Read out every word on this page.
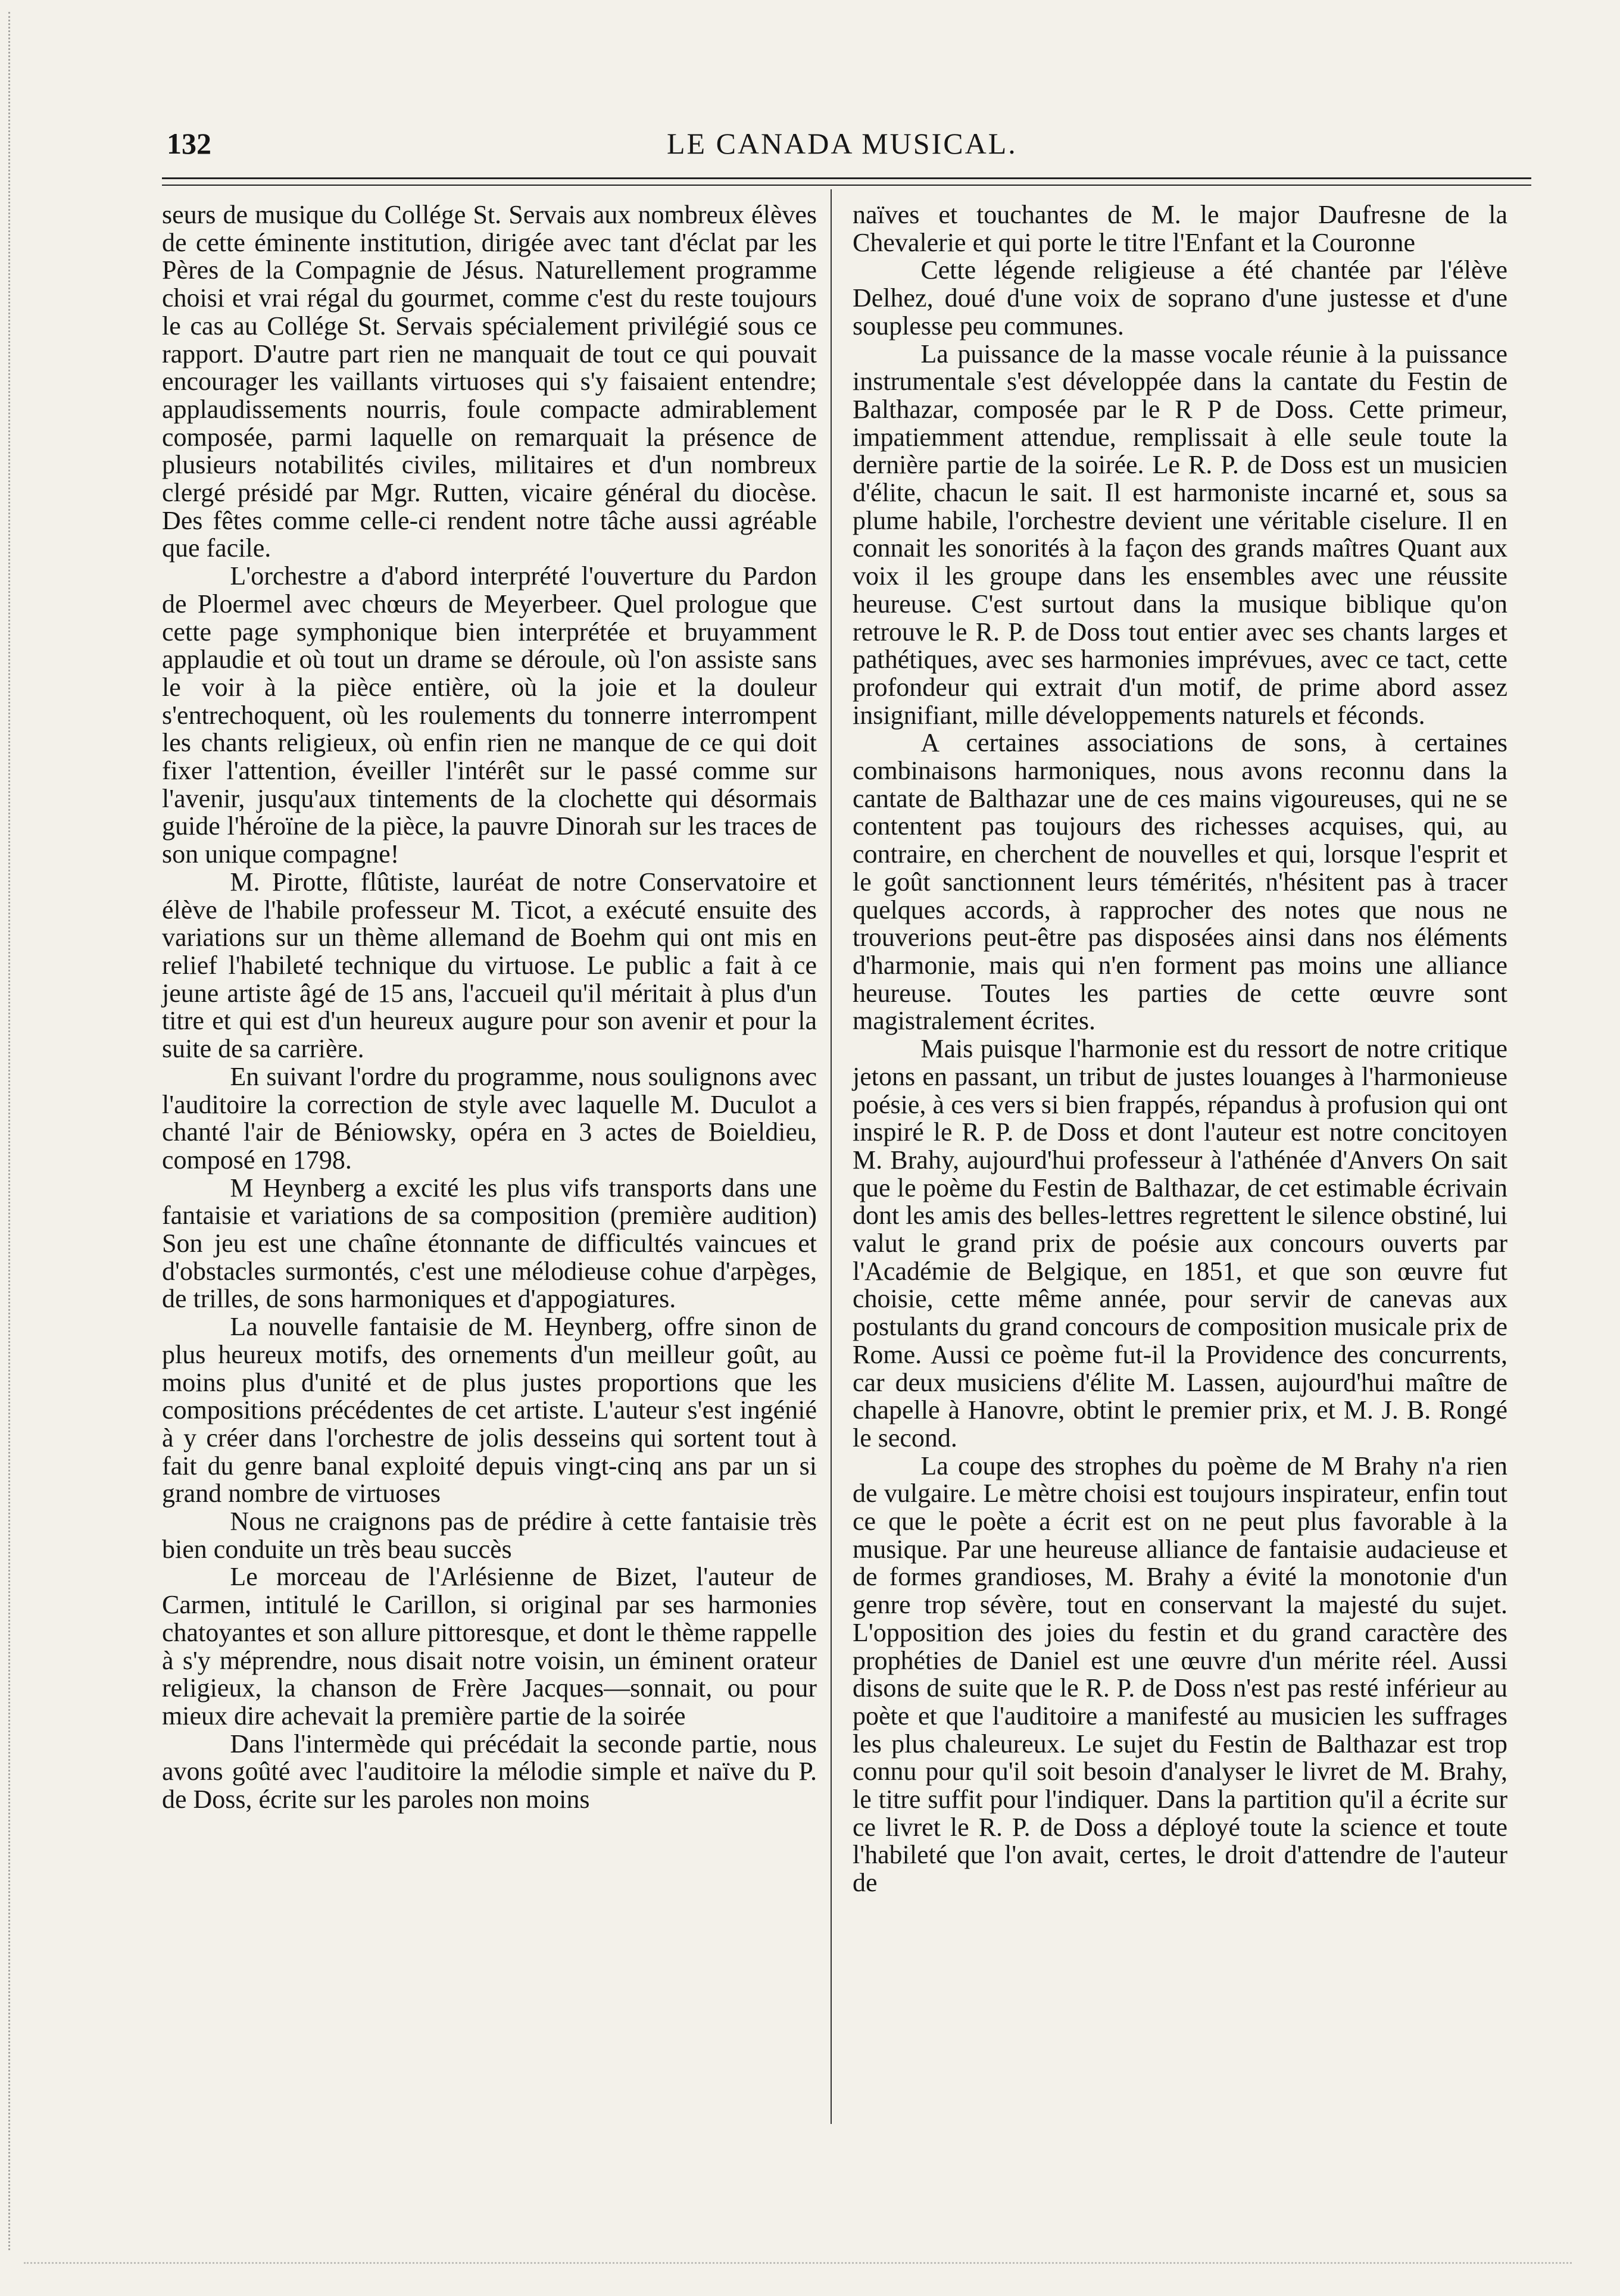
132	LE CANADA MUSICAL.

seurs de musique du Collége St. Servais aux nombreux élèves de cette éminente institution, dirigée avec tant d'éclat par les Pères de la Compagnie de Jésus. Naturellement programme choisi et vrai régal du gourmet, comme c'est du reste toujours le cas au Collége St. Servais spécialement privilégié sous ce rapport. D'autre part rien ne manquait de tout ce qui pouvait encourager les vaillants virtuoses qui s'y faisaient entendre; applaudissements nourris, foule compacte admirablement composée, parmi laquelle on remarquait la présence de plusieurs notabilités civiles, militaires et d'un nombreux clergé présidé par Mgr. Rutten, vicaire général du diocèse. Des fêtes comme celle-ci rendent notre tâche aussi agréable que facile.

L'orchestre a d'abord interprété l'ouverture du Pardon de Ploermel avec chœurs de Meyerbeer. Quel prologue que cette page symphonique bien interprétée et bruyamment applaudie et où tout un drame se déroule, où l'on assiste sans le voir à la pièce entière, où la joie et la douleur s'entrechoquent, où les roulements du tonnerre interrompent les chants religieux, où enfin rien ne manque de ce qui doit fixer l'attention, éveiller l'intérêt sur le passé comme sur l'avenir, jusqu'aux tintements de la clochette qui désormais guide l'héroïne de la pièce, la pauvre Dinorah sur les traces de son unique compagne!

M. Pirotte, flûtiste, lauréat de notre Conservatoire et élève de l'habile professeur M. Ticot, a exécuté ensuite des variations sur un thème allemand de Boehm qui ont mis en relief l'habileté technique du virtuose. Le public a fait à ce jeune artiste âgé de 15 ans, l'accueil qu'il méritait à plus d'un titre et qui est d'un heureux augure pour son avenir et pour la suite de sa carrière.

En suivant l'ordre du programme, nous soulignons avec l'auditoire la correction de style avec laquelle M. Duculot a chanté l'air de Béniowsky, opéra en 3 actes de Boieldieu, composé en 1798.

M Heynberg a excité les plus vifs transports dans une fantaisie et variations de sa composition (première audition) Son jeu est une chaîne étonnante de difficultés vaincues et d'obstacles surmontés, c'est une mélodieuse cohue d'arpèges, de trilles, de sons harmoniques et d'appogiatures.

La nouvelle fantaisie de M. Heynberg, offre sinon de plus heureux motifs, des ornements d'un meilleur goût, au moins plus d'unité et de plus justes proportions que les compositions précédentes de cet artiste. L'auteur s'est ingénié à y créer dans l'orchestre de jolis desseins qui sortent tout à fait du genre banal exploité depuis vingt-cinq ans par un si grand nombre de virtuoses

Nous ne craignons pas de prédire à cette fantaisie très bien conduite un très beau succès

Le morceau de l'Arlésienne de Bizet, l'auteur de Carmen, intitulé le Carillon, si original par ses harmonies chatoyantes et son allure pittoresque, et dont le thème rappelle à s'y méprendre, nous disait notre voisin, un éminent orateur religieux, la chanson de Frère Jacques—sonnait, ou pour mieux dire achevait la première partie de la soirée

Dans l'intermède qui précédait la seconde partie, nous avons goûté avec l'auditoire la mélodie simple et naïve du P. de Doss, écrite sur les paroles non moins

naïves et touchantes de M. le major Daufresne de la Chevalerie et qui porte le titre l'Enfant et la Couronne

Cette légende religieuse a été chantée par l'élève Delhez, doué d'une voix de soprano d'une justesse et d'une souplesse peu communes.

La puissance de la masse vocale réunie à la puissance instrumentale s'est développée dans la cantate du Festin de Balthazar, composée par le R P de Doss. Cette primeur, impatiemment attendue, remplissait à elle seule toute la dernière partie de la soirée. Le R. P. de Doss est un musicien d'élite, chacun le sait. Il est harmoniste incarné et, sous sa plume habile, l'orchestre devient une véritable ciselure. Il en connait les sonorités à la façon des grands maîtres Quant aux voix il les groupe dans les ensembles avec une réussite heureuse. C'est surtout dans la musique biblique qu'on retrouve le R. P. de Doss tout entier avec ses chants larges et pathétiques, avec ses harmonies imprévues, avec ce tact, cette profondeur qui extrait d'un motif, de prime abord assez insignifiant, mille développements naturels et féconds.

A certaines associations de sons, à certaines combinaisons harmoniques, nous avons reconnu dans la cantate de Balthazar une de ces mains vigoureuses, qui ne se contentent pas toujours des richesses acquises, qui, au contraire, en cherchent de nouvelles et qui, lorsque l'esprit et le goût sanctionnent leurs témérités, n'hésitent pas à tracer quelques accords, à rapprocher des notes que nous ne trouverions peut-être pas disposées ainsi dans nos éléments d'harmonie, mais qui n'en forment pas moins une alliance heureuse. Toutes les parties de cette œuvre sont magistralement écrites.

Mais puisque l'harmonie est du ressort de notre critique jetons en passant, un tribut de justes louanges à l'harmonieuse poésie, à ces vers si bien frappés, répandus à profusion qui ont inspiré le R. P. de Doss et dont l'auteur est notre concitoyen M. Brahy, aujourd'hui professeur à l'athénée d'Anvers On sait que le poème du Festin de Balthazar, de cet estimable écrivain dont les amis des belles-lettres regrettent le silence obstiné, lui valut le grand prix de poésie aux concours ouverts par l'Académie de Belgique, en 1851, et que son œuvre fut choisie, cette même année, pour servir de canevas aux postulants du grand concours de composition musicale prix de Rome. Aussi ce poème fut-il la Providence des concurrents, car deux musiciens d'élite M. Lassen, aujourd'hui maître de chapelle à Hanovre, obtint le premier prix, et M. J. B. Rongé le second.

La coupe des strophes du poème de M Brahy n'a rien de vulgaire. Le mètre choisi est toujours inspirateur, enfin tout ce que le poète a écrit est on ne peut plus favorable à la musique. Par une heureuse alliance de fantaisie audacieuse et de formes grandioses, M. Brahy a évité la monotonie d'un genre trop sévère, tout en conservant la majesté du sujet. L'opposition des joies du festin et du grand caractère des prophéties de Daniel est une œuvre d'un mérite réel. Aussi disons de suite que le R. P. de Doss n'est pas resté inférieur au poète et que l'auditoire a manifesté au musicien les suffrages les plus chaleureux. Le sujet du Festin de Balthazar est trop connu pour qu'il soit besoin d'analyser le livret de M. Brahy, le titre suffit pour l'indiquer. Dans la partition qu'il a écrite sur ce livret le R. P. de Doss a déployé toute la science et toute l'habileté que l'on avait, certes, le droit d'attendre de l'auteur de
